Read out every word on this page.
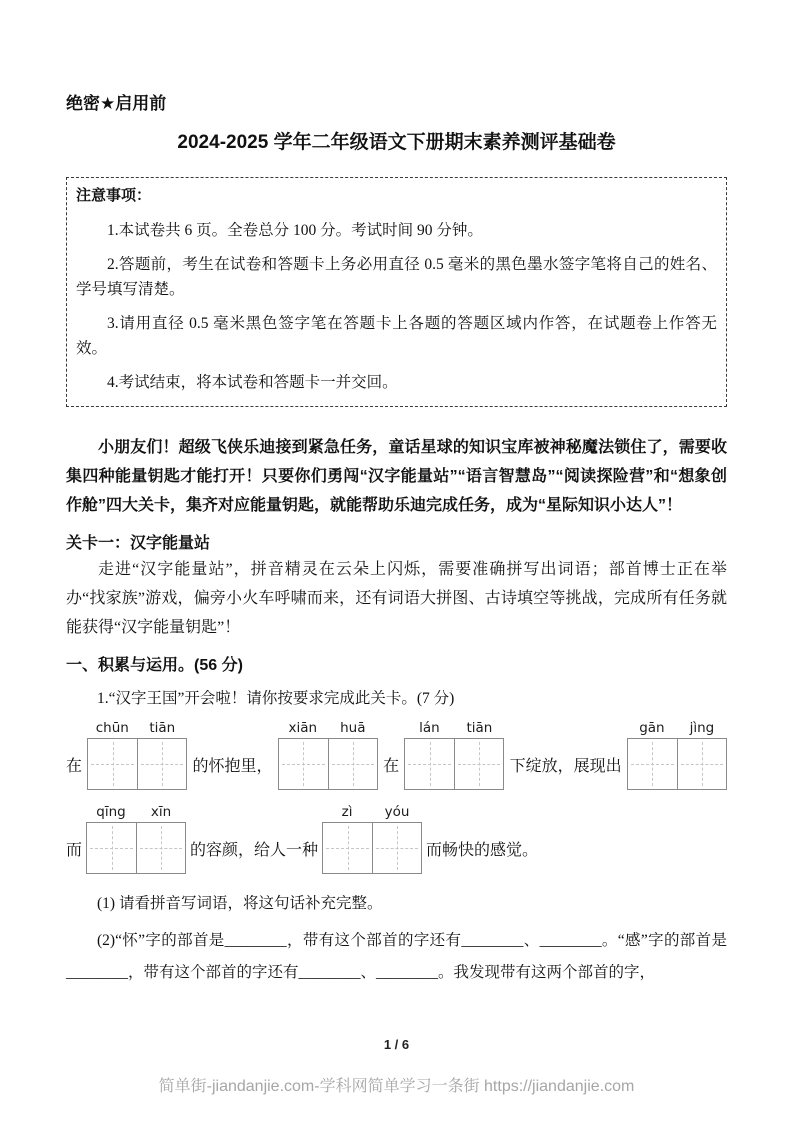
绝密★启用前
2024-2025 学年二年级语文下册期末素养测评基础卷
注意事项：

1.本试卷共 6 页。全卷总分 100 分。考试时间 90 分钟。

2.答题前，考生在试卷和答题卡上务必用直径 0.5 毫米的黑色墨水签字笔将自己的姓名、学号填写清楚。

3.请用直径 0.5 毫米黑色签字笔在答题卡上各题的答题区域内作答，在试题卷上作答无效。

4.考试结束，将本试卷和答题卡一并交回。

小朋友们！超级飞侠乐迪接到紧急任务，童话星球的知识宝库被神秘魔法锁住了，需要收集四种能量钥匙才能打开！只要你们勇闯“汉字能量站”“语言智慧岛”“阅读探险营”和“想象创作舱”四大关卡，集齐对应能量钥匙，就能帮助乐迪完成任务，成为“星际知识小达人”！

关卡一：汉字能量站

走进“汉字能量站”，拼音精灵在云朵上闪烁，需要准确拼写出词语；部首博士正在举办“找家族”游戏，偏旁小火车呼啸而来，还有词语大拼图、古诗填空等挑战，完成所有任务就能获得“汉字能量钥匙”！

一、积累与运用。(56 分)

1.“汉字王国”开会啦！请你按要求完成此关卡。(7 分)

在
chūn	tiān
的怀抱里，
xiān	huā
在
lán	tiān
下绽放，展现出
gān	jìng
而
qīng	xīn
的容颜，给人一种
zì	yóu
而畅快的感觉。

(1) 请看拼音写词语，将这句话补充完整。

(2)“怀”字的部首是________，带有这个部首的字还有________、________。“感”字的部首是________，带有这个部首的字还有________、________。我发现带有这两个部首的字，

1 / 6
简单街-jiandanjie.com-学科网简单学习一条街 https://jiandanjie.com
